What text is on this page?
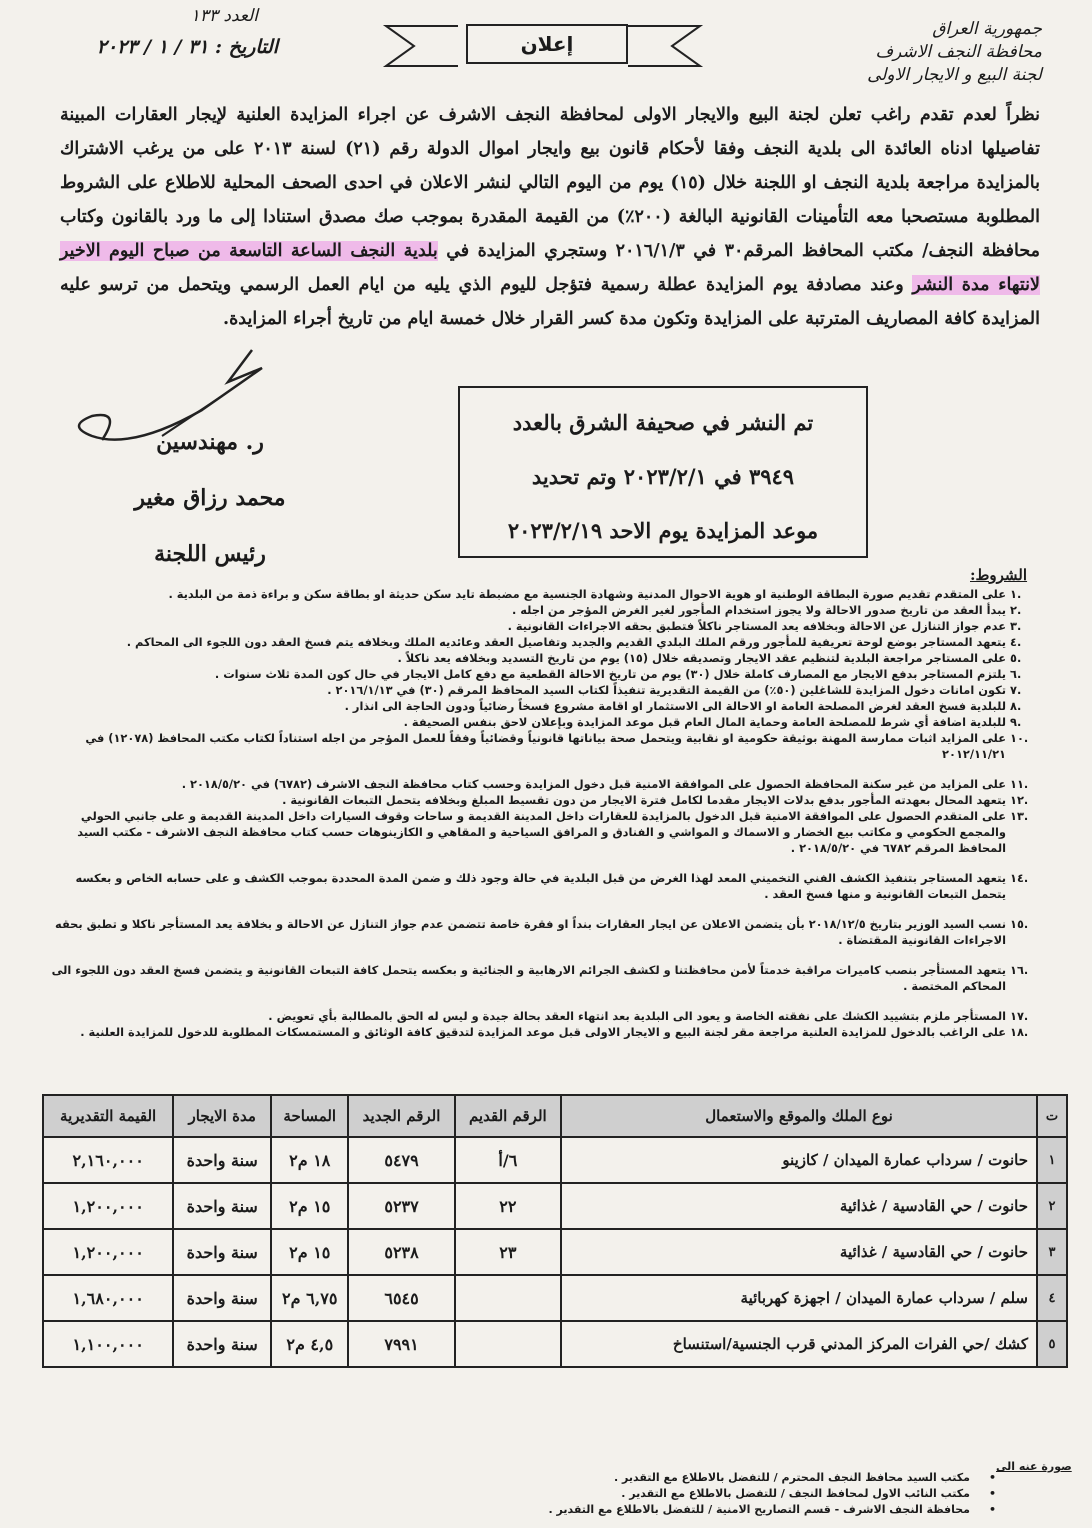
جمهورية العراق
محافظة النجف الاشرف
لجنة البيع و الايجار الاولى
العدد ١٣٣
التاريخ : ٣١ / ١ / ٢٠٢٣	إعلان
نظراً لعدم تقدم راغب تعلن لجنة البيع والايجار الاولى لمحافظة النجف الاشرف عن اجراء المزايدة العلنية لإيجار العقارات المبينة تفاصيلها ادناه العائدة الى بلدية النجف وفقا لأحكام قانون بيع وايجار اموال الدولة رقم (٢١) لسنة ٢٠١٣ على من يرغب الاشتراك بالمزايدة مراجعة بلدية النجف او اللجنة خلال (١٥) يوم من اليوم التالي لنشر الاعلان في احدى الصحف المحلية للاطلاع على الشروط المطلوبة مستصحبا معه التأمينات القانونية البالغة (٢٠٠٪) من القيمة المقدرة بموجب صك مصدق استنادا إلى ما ورد بالقانون وكتاب محافظة النجف/ مكتب المحافظ المرقم٣٠ في ٢٠١٦/١/٣ وستجري المزايدة في بلدية النجف الساعة التاسعة من صباح اليوم الاخير لانتهاء مدة النشر وعند مصادفة يوم المزايدة عطلة رسمية فتؤجل لليوم الذي يليه من ايام العمل الرسمي ويتحمل من ترسو عليه المزايدة كافة المصاريف المترتبة على المزايدة وتكون مدة كسر القرار خلال خمسة ايام من تاريخ أجراء المزايدة.
ر. مهندسين
محمد رزاق مغير
رئيس اللجنة
تم النشر في صحيفة الشرق بالعدد
٣٩٤٩ في ٢٠٢٣/٢/١ وتم تحديد
موعد المزايدة يوم الاحد ٢٠٢٣/٢/١٩
الشروط:
.١
على المتقدم تقديم صورة البطاقة الوطنية او هوية الاحوال المدنية وشهادة الجنسية مع مضبطة تايد سكن حديثة او بطاقة سكن و براءة ذمة من البلدية .
.٢
يبدأ العقد من تاريخ صدور الاحالة ولا يجوز استخدام المأجور لغير الغرض المؤجر من اجله .
.٣
عدم جواز التنازل عن الاحالة وبخلافه يعد المستاجر ناكلاً فتطبق بحقه الاجراءات القانونية .
.٤
يتعهد المستاجر بوضع لوحة تعريفية للمأجور ورقم الملك البلدي القديم والجديد وتفاصيل العقد وعائديه الملك وبخلافه يتم فسخ العقد دون اللجوء الى المحاكم .
.٥
على المستاجر مراجعة البلدية لتنظيم عقد الايجار وتصديقه خلال (١٥) يوم من تاريخ التسديد وبخلافه يعد ناكلاً .
.٦
يلتزم المستاجر بدفع الايجار مع المصارف كاملة خلال (٣٠) يوم من تاريخ الاحالة القطعية مع دفع كامل الايجار في حال كون المدة ثلاث سنوات .
.٧
تكون امانات دخول المزايدة للشاغلين (٥٠٪) من القيمة التقديرية تنفيذاً لكتاب السيد المحافظ المرقم (٣٠) في ٢٠١٦/١/١٣ .
.٨
للبلدية فسخ العقد لغرض المصلحة العامة او الاحالة الى الاستثمار او اقامة مشروع فسخاً رضائياً ودون الحاجة الى انذار .
.٩
للبلدية اضافة أي شرط للمصلحة العامة وحماية المال العام قبل موعد المزايدة وبإعلان لاحق بنفس الصحيفة .
.١٠
على المزايد اثبات ممارسة المهنة بوثيقة حكومية او نقابية ويتحمل صحة بياناتها قانونياً وقضائياً وفقاً للعمل المؤجر من اجله استناداً لكتاب مكتب المحافظ (١٢٠٧٨) في ٢٠١٢/١١/٢١
.١١
على المزايد من غير سكنة المحافظة الحصول على الموافقة الامنية قبل دخول المزايدة وحسب كتاب محافظة النجف الاشرف (٦٧٨٢) في ٢٠١٨/٥/٢٠ .
.١٢
يتعهد المحال بعهدته المأجور بدفع بدلات الايجار مقدما لكامل فترة الايجار من دون تقسيط المبلغ وبخلافه يتحمل التبعات القانونية .
.١٣
على المتقدم الحصول على الموافقة الامنية قبل الدخول بالمزايدة للعقارات داخل المدينة القديمة و ساحات وقوف السيارات داخل المدينة القديمة و على جانبي الحولي والمجمع الحكومي و مكاتب بيع الخضار و الاسماك و المواشي و الفنادق و المرافق السياحية و المقاهي و الكازينوهات حسب كتاب محافظة النجف الاشرف - مكتب السيد المحافظ المرقم ٦٧٨٢ في ٢٠١٨/٥/٢٠ .
.١٤
يتعهد المستاجر بتنفيذ الكشف الفني التخميني المعد لهذا الغرض من قبل البلدية في حالة وجود ذلك و ضمن المدة المحددة بموجب الكشف و على حسابه الخاص و بعكسه يتحمل التبعات القانونية و منها فسخ العقد .
.١٥
نسب السيد الوزير بتاريخ ٢٠١٨/١٢/٥ بأن يتضمن الاعلان عن ايجار العقارات بنداً او فقرة خاصة تتضمن عدم جواز التنازل عن الاحالة و بخلافة يعد المستأجر ناكلا و تطبق بحقه الاجراءات القانونية المقتضاة .
.١٦
يتعهد المستأجر بنصب كاميرات مراقبة خدمتاً لأمن محافظتنا و لكشف الجرائم الارهابية و الجنائية و بعكسه يتحمل كافة التبعات القانونية و يتضمن فسخ العقد دون اللجوء الى المحاكم المختصة .
.١٧
المستأجر ملزم بتشييد الكشك على نفقته الخاصة و يعود الى البلدية بعد انتهاء العقد بحالة جيدة و ليس له الحق بالمطالبة بأي تعويض .
.١٨
على الراغب بالدخول للمزايدة العلنية مراجعة مقر لجنة البيع و الايجار الاولى قبل موعد المزايدة لتدقيق كافة الوثائق و المستمسكات المطلوبة للدخول للمزايدة العلنية .
ت	نوع الملك والموقع والاستعمال	الرقم القديم	الرقم الجديد	المساحة	مدة الايجار	القيمة التقديرية
١	حانوت / سرداب عمارة الميدان / كازينو	٦/أ	٥٤٧٩	١٨ م٢	سنة واحدة	٢,١٦٠,٠٠٠
٢	حانوت / حي القادسية / غذائية	٢٢	٥٢٣٧	١٥ م٢	سنة واحدة	١,٢٠٠,٠٠٠
٣	حانوت / حي القادسية / غذائية	٢٣	٥٢٣٨	١٥ م٢	سنة واحدة	١,٢٠٠,٠٠٠
٤	سلم / سرداب عمارة الميدان / اجهزة كهربائية		٦٥٤٥	٦,٧٥ م٢	سنة واحدة	١,٦٨٠,٠٠٠
٥	كشك /حي الفرات المركز المدني قرب الجنسية/استنساخ		٧٩٩١	٤,٥ م٢	سنة واحدة	١,١٠٠,٠٠٠
صورة عنه الى
• مكتب السيد محافظ النجف المحترم / للتفضل بالاطلاع مع التقدير .
• مكتب النائب الاول لمحافظ النجف / للتفضل بالاطلاع مع التقدير .
• محافظة النجف الاشرف - قسم التصاريح الامنية / للتفضل بالاطلاع مع التقدير .
